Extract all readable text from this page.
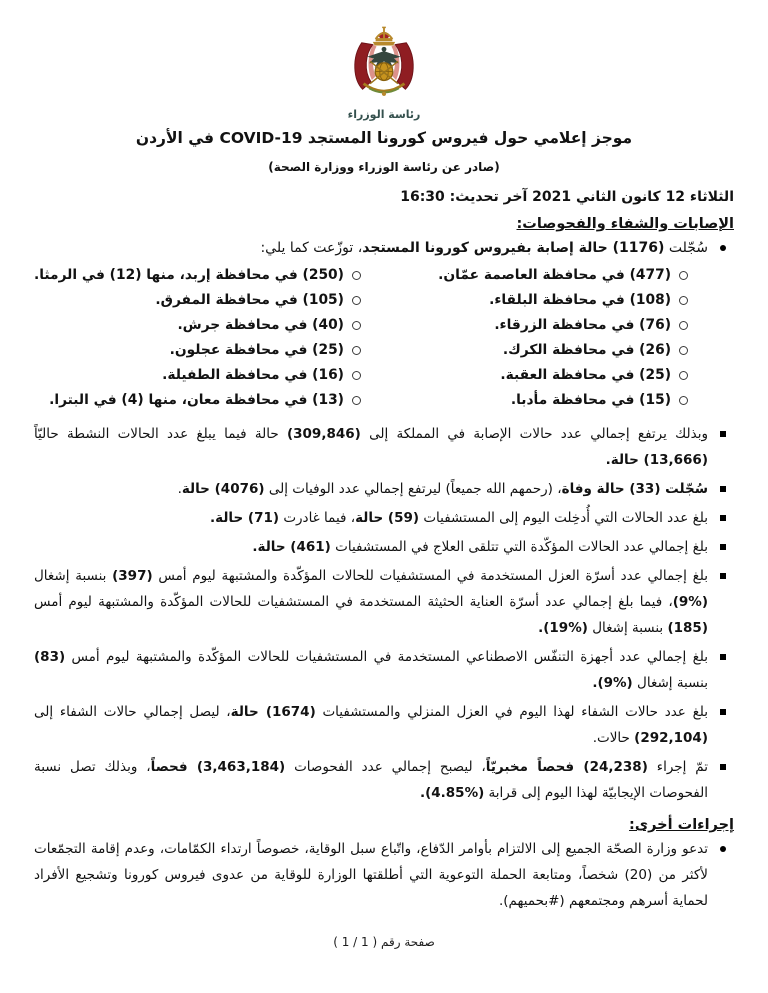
رئاسة الوزراء
موجز إعلامي حول فيروس كورونا المستجد COVID-19 في الأردن
(صادر عن رئاسة الوزراء ووزارة الصحة)
الثلاثاء 12 كانون الثاني 2021 آخر تحديث: 16:30
الإصابات والشفاء والفحوصات:
سُجّلت (1176) حالة إصابة بفيروس كورونا المستجد، توزّعت كما يلي:
(477) في محافظة العاصمة عمّان.
(108) في محافظة البلقاء.
(76) في محافظة الزرقاء.
(26) في محافظة الكرك.
(25) في محافظة العقبة.
(15) في محافظة مأدبا.
(250) في محافظة إربد، منها (12) في الرمثا.
(105) في محافظة المفرق.
(40) في محافظة جرش.
(25) في محافظة عجلون.
(16) في محافظة الطفيلة.
(13) في محافظة معان، منها (4) في البترا.
وبذلك يرتفع إجمالي عدد حالات الإصابة في المملكة إلى (309,846) حالة فيما يبلغ عدد الحالات النشطة حاليّاً (13,666) حالة.
سُجّلت (33) حالة وفاة، (رحمهم الله جميعاً) ليرتفع إجمالي عدد الوفيات إلى (4076) حالة.
بلغ عدد الحالات التي أُدخِلت اليوم إلى المستشفيات (59) حالة، فيما غادرت (71) حالة.
بلغ إجمالي عدد الحالات المؤكّدة التي تتلقى العلاج في المستشفيات (461) حالة.
بلغ إجمالي عدد أسرّة العزل المستخدمة في المستشفيات للحالات المؤكّدة والمشتبهة ليوم أمس (397) بنسبة إشغال (%9)، فيما بلغ إجمالي عدد أسرّة العناية الحثيثة المستخدمة في المستشفيات للحالات المؤكّدة والمشتبهة ليوم أمس (185) بنسبة إشغال (%19).
بلغ إجمالي عدد أجهزة التنفّس الاصطناعي المستخدمة في المستشفيات للحالات المؤكّدة والمشتبهة ليوم أمس (83) بنسبة إشغال (%9).
بلغ عدد حالات الشفاء لهذا اليوم في العزل المنزلي والمستشفيات (1674) حالة، ليصل إجمالي حالات الشفاء إلى (292,104) حالات.
تمّ إجراء (24,238) فحصاً مخبريّاً، ليصبح إجمالي عدد الفحوصات (3,463,184) فحصاً، وبذلك تصل نسبة الفحوصات الإيجابيّة لهذا اليوم إلى قرابة (%4.85).
إجراءات أخرى:
تدعو وزارة الصحّة الجميع إلى الالتزام بأوامر الدّفاع، واتّباع سبل الوقاية، خصوصاً ارتداء الكمّامات، وعدم إقامة التجمّعات لأكثر من (20) شخصاً، ومتابعة الحملة التوعوية التي أطلقتها الوزارة للوقاية من عدوى فيروس كورونا وتشجيع الأفراد لحماية أسرهم ومجتمعهم (#بحميهم).
صفحة رقم ( 1 / 1 )
